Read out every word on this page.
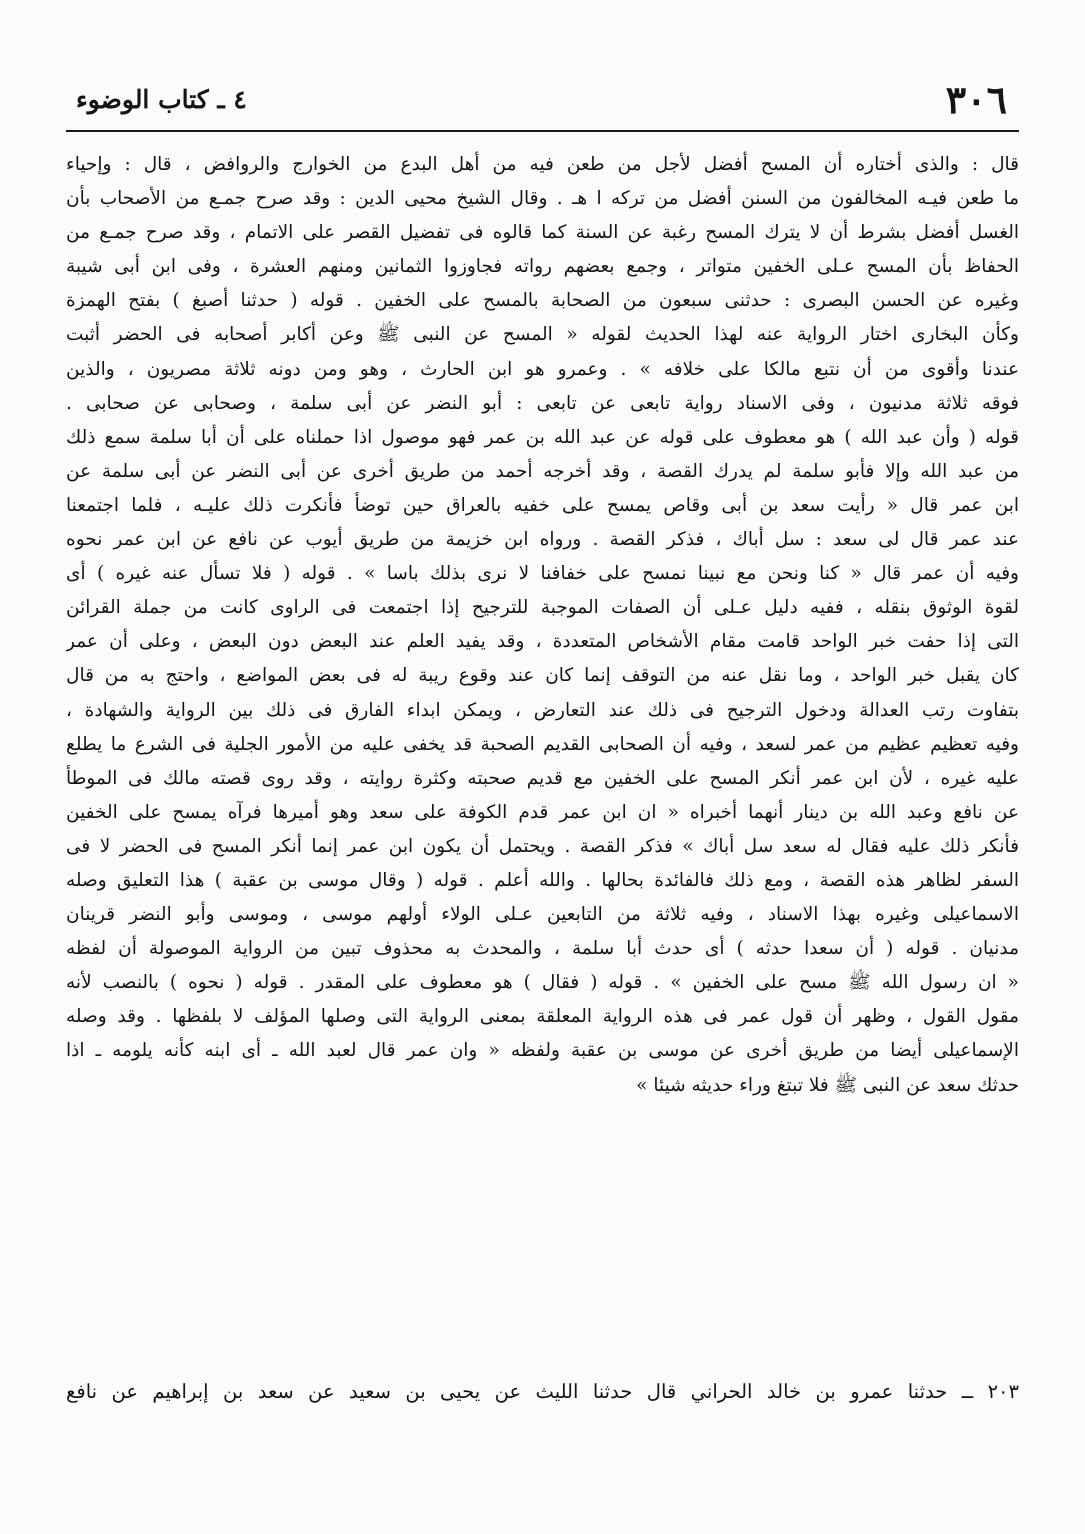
٣٠٦
٤ ـ كتاب الوضوء
قال : والذى أختاره أن المسح أفضل لأجل من طعن فيه من أهل البدع من الخوارج والروافض ، قال : وإحياء
ما طعن فيـه المخالفون من السنن أفضل من تركه ا هـ . وقال الشيخ محيى الدين : وقد صرح جمـع من الأصحاب بأن
الغسل أفضل بشرط أن لا يترك المسح رغبة عن السنة كما قالوه فى تفضيل القصر على الاتمام ، وقد صرح جمـع من
الحفاظ بأن المسح عـلى الخفين متواتر ، وجمع بعضهم رواته فجاوزوا الثمانين ومنهم العشرة ، وفى ابن أبى شيبة
وغيره عن الحسن البصرى : حدثنى سبعون من الصحابة بالمسح على الخفين . قوله ( حدثنا أصبغ ) بفتح الهمزة
وكأن البخارى اختار الرواية عنه لهذا الحديث لقوله « المسح عن النبى ﷺ وعن أكابر أصحابه فى الحضر أثبت
عندنا وأقوى من أن نتبع مالكا على خلافه » . وعمرو هو ابن الحارث ، وهو ومن دونه ثلاثة مصريون ، والذين
فوقه ثلاثة مدنيون ، وفى الاسناد رواية تابعى عن تابعى : أبو النضر عن أبى سلمة ، وصحابى عن صحابى .
قوله ( وأن عبد الله ) هو معطوف على قوله عن عبد الله بن عمر فهو موصول اذا حملناه على أن أبا سلمة سمع ذلك
من عبد الله وإلا فأبو سلمة لم يدرك القصة ، وقد أخرجه أحمد من طريق أخرى عن أبى النضر عن أبى سلمة عن
ابن عمر قال « رأيت سعد بن أبى وقاص يمسح على خفيه بالعراق حين توضأ فأنكرت ذلك عليـه ، فلما اجتمعنا
عند عمر قال لى سعد : سل أباك ، فذكر القصة . ورواه ابن خزيمة من طريق أيوب عن نافع عن ابن عمر نحوه
وفيه أن عمر قال « كنا ونحن مع نبينا نمسح على خفافنا لا نرى بذلك باسا » . قوله ( فلا تسأل عنه غيره ) أى
لقوة الوثوق بنقله ، ففيه دليل عـلى أن الصفات الموجبة للترجيح إذا اجتمعت فى الراوى كانت من جملة القرائن
التى إذا حفت خبر الواحد قامت مقام الأشخاص المتعددة ، وقد يفيد العلم عند البعض دون البعض ، وعلى أن عمر
كان يقبل خبر الواحد ، وما نقل عنه من التوقف إنما كان عند وقوع ريبة له فى بعض المواضع ، واحتج به من قال
بتفاوت رتب العدالة ودخول الترجيح فى ذلك عند التعارض ، ويمكن ابداء الفارق فى ذلك بين الرواية والشهادة ،
وفيه تعظيم عظيم من عمر لسعد ، وفيه أن الصحابى القديم الصحبة قد يخفى عليه من الأمور الجلية فى الشرع ما يطلع
عليه غيره ، لأن ابن عمر أنكر المسح على الخفين مع قديم صحبته وكثرة روايته ، وقد روى قصته مالك فى الموطأ
عن نافع وعبد الله بن دينار أنهما أخبراه « ان ابن عمر قدم الكوفة على سعد وهو أميرها فرآه يمسح على الخفين
فأنكر ذلك عليه فقال له سعد سل أباك » فذكر القصة . ويحتمل أن يكون ابن عمر إنما أنكر المسح فى الحضر لا فى
السفر لظاهر هذه القصة ، ومع ذلك فالفائدة بحالها . والله أعلم . قوله ( وقال موسى بن عقبة ) هذا التعليق وصله
الاسماعيلى وغيره بهذا الاسناد ، وفيه ثلاثة من التابعين عـلى الولاء أولهم موسى ، وموسى وأبو النضر قرينان
مدنيان . قوله ( أن سعدا حدثه ) أى حدث أبا سلمة ، والمحدث به محذوف تبين من الرواية الموصولة أن لفظه
« ان رسول الله ﷺ مسح على الخفين » . قوله ( فقال ) هو معطوف على المقدر . قوله ( نحوه ) بالنصب لأنه
مقول القول ، وظهر أن قول عمر فى هذه الرواية المعلقة بمعنى الرواية التى وصلها المؤلف لا بلفظها . وقد وصله
الإسماعيلى أيضا من طريق أخرى عن موسى بن عقبة ولفظه « وان عمر قال لعبد الله ـ أى ابنه كأنه يلومه ـ اذا
حدثك سعد عن النبى ﷺ فلا تبتغ وراء حديثه شيئا »
٢٠٣ ــ حدثنا عمرو بن خالد الحراني قال حدثنا الليث عن يحيى بن سعيد عن سعد بن إبراهيم عن نافع
